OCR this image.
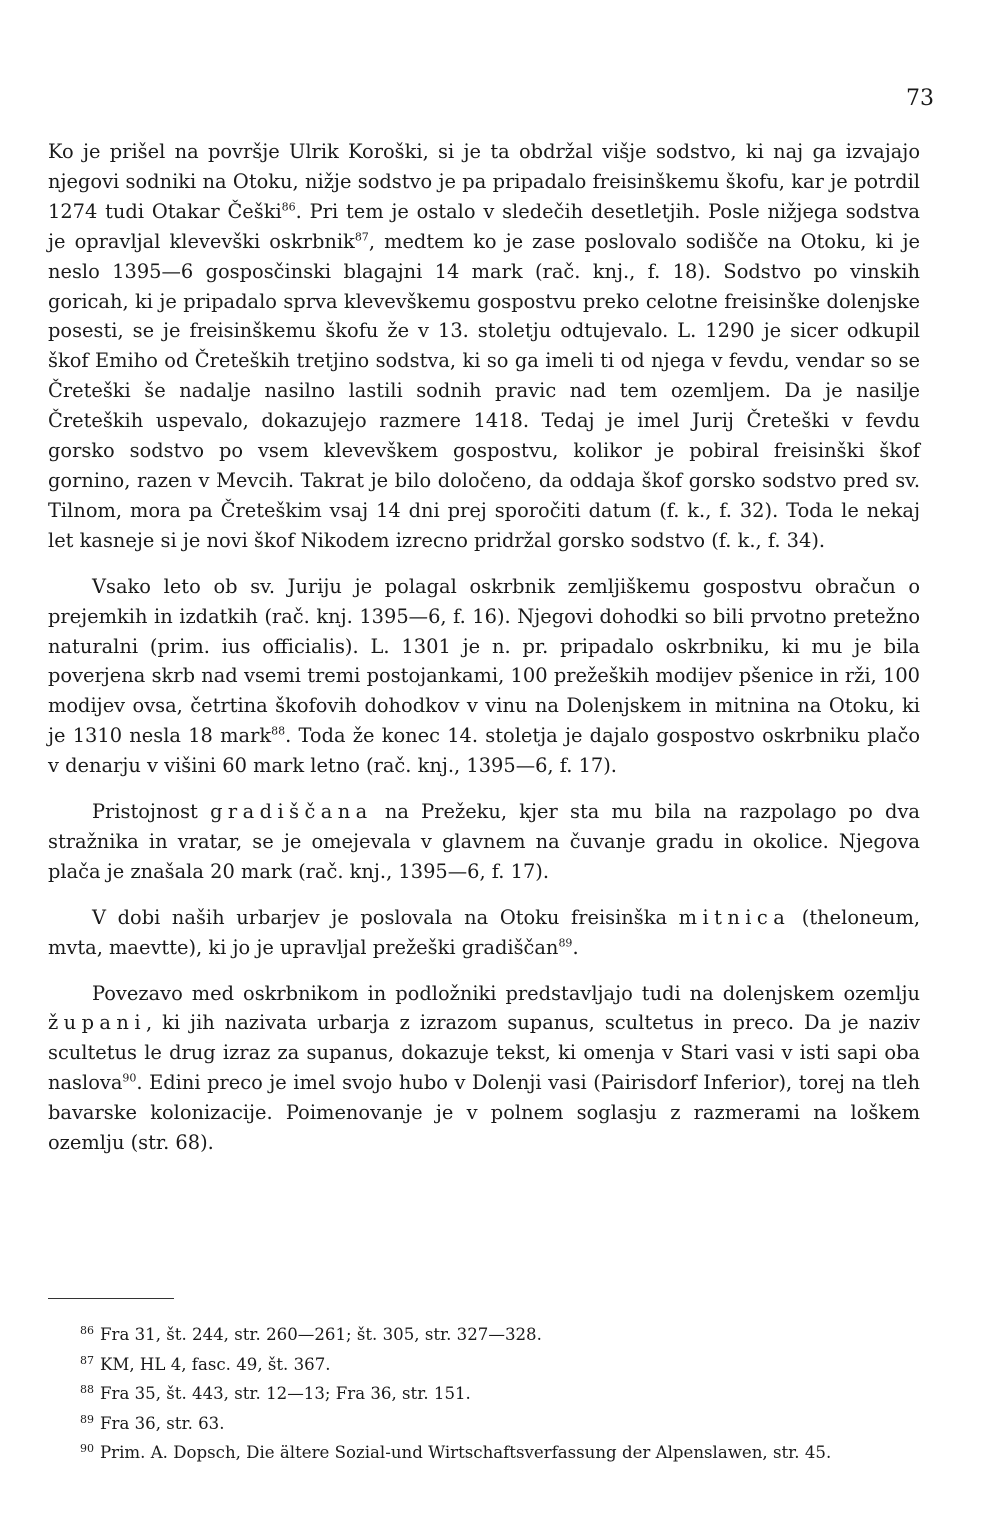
73

Ko je prišel na površje Ulrik Koroški, si je ta obdržal višje sodstvo, ki naj ga izvajajo njegovi sodniki na Otoku, nižje sodstvo je pa pripadalo freisinškemu škofu, kar je potrdil 1274 tudi Otakar Češki$^{86}$. Pri tem je ostalo v sledečih desetletjih. Posle nižjega sodstva je opravljal klevevški oskrbnik$^{87}$, medtem ko je zase poslovalo sodišče na Otoku, ki je neslo 1395—6 gosposčinski blagajni 14 mark (rač. knj., f. 18). Sodstvo po vinskih goricah, ki je pripadalo sprva klevevškemu gospostvu preko celotne freisinške dolenjske posesti, se je freisinškemu škofu že v 13. stoletju odtujevalo. L. 1290 je sicer odkupil škof Emiho od Čreteških tretjino sodstva, ki so ga imeli ti od njega v fevdu, vendar so se Čreteški še nadalje nasilno lastili sodnih pravic nad tem ozemljem. Da je nasilje Čreteških uspevalo, dokazujejo razmere 1418. Tedaj je imel Jurij Čreteški v fevdu gorsko sodstvo po vsem klevevškem gospostvu, kolikor je pobiral freisinški škof gornino, razen v Mevcih. Takrat je bilo določeno, da oddaja škof gorsko sodstvo pred sv. Tilnom, mora pa Čreteškim vsaj 14 dni prej sporočiti datum (f. k., f. 32). Toda le nekaj let kasneje si je novi škof Nikodem izrecno pridržal gorsko sodstvo (f. k., f. 34).

Vsako leto ob sv. Juriju je polagal oskrbnik zemljiškemu gospostvu obračun o prejemkih in izdatkih (rač. knj. 1395—6, f. 16). Njegovi dohodki so bili prvotno pretežno naturalni (prim. ius officialis). L. 1301 je n. pr. pripadalo oskrbniku, ki mu je bila poverjena skrb nad vsemi tremi postojankami, 100 prežeških modijev pšenice in rži, 100 modijev ovsa, četrtina škofovih dohodkov v vinu na Dolenjskem in mitnina na Otoku, ki je 1310 nesla 18 mark$^{88}$. Toda že konec 14. stoletja je dajalo gospostvo oskrbniku plačo v denarju v višini 60 mark letno (rač. knj., 1395—6, f. 17).

Pristojnost gradiščana na Prežeku, kjer sta mu bila na razpolago po dva stražnika in vratar, se je omejevala v glavnem na čuvanje gradu in okolice. Njegova plača je znašala 20 mark (rač. knj., 1395—6, f. 17).

V dobi naših urbarjev je poslovala na Otoku freisinška mitnica (theloneum, mvta, maevtte), ki jo je upravljal prežeški gradiščan$^{89}$.

Povezavo med oskrbnikom in podložniki predstavljajo tudi na dolenjskem ozemlju župani, ki jih nazivata urbarja z izrazom supanus, scultetus in preco. Da je naziv scultetus le drug izraz za supanus, dokazuje tekst, ki omenja v Stari vasi v isti sapi oba naslova$^{90}$. Edini preco je imel svojo hubo v Dolenji vasi (Pairisdorf Inferior), torej na tleh bavarske kolonizacije. Poimenovanje je v polnem soglasju z razmerami na loškem ozemlju (str. 68).

86 Fra 31, št. 244, str. 260—261; št. 305, str. 327—328.

87 KM, HL 4, fasc. 49, št. 367.

88 Fra 35, št. 443, str. 12—13; Fra 36, str. 151.

89 Fra 36, str. 63.

90 Prim. A. Dopsch, Die ältere Sozial-und Wirtschaftsverfassung der Alpenslawen, str. 45.
